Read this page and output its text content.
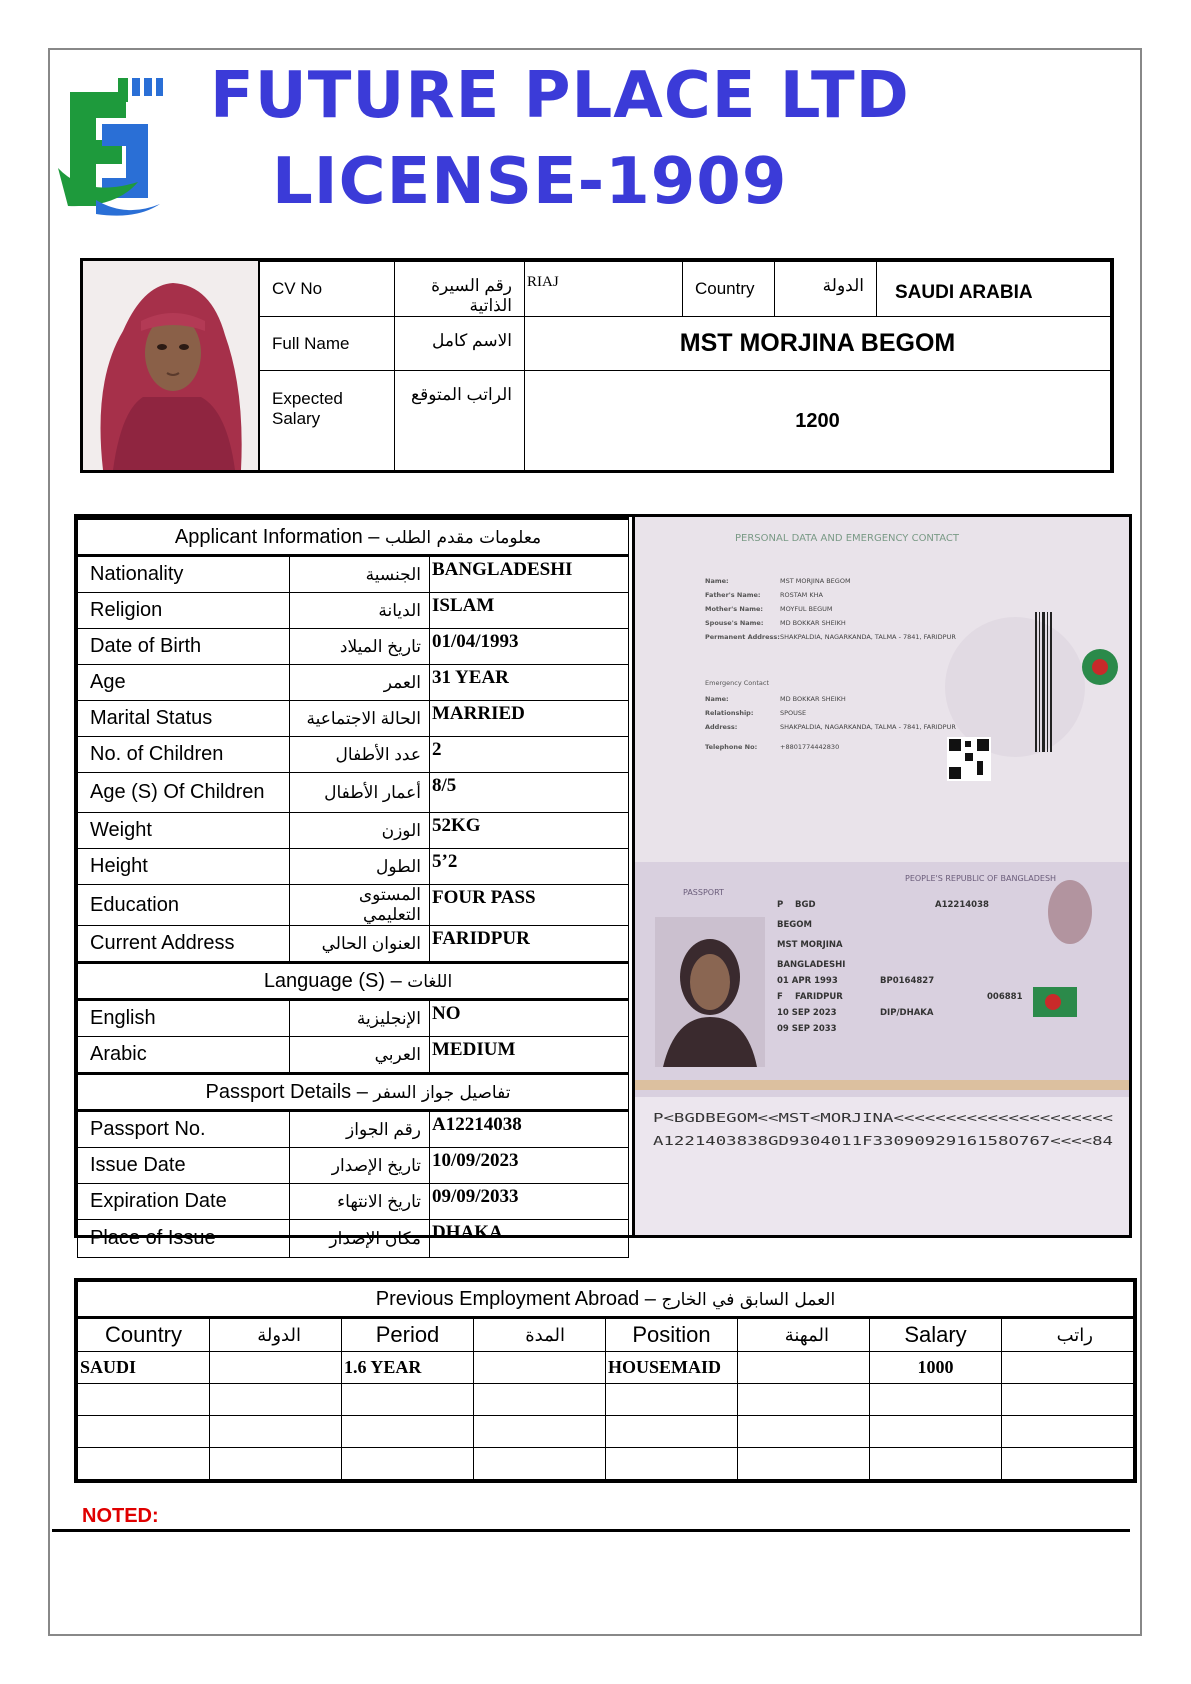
FUTURE PLACE LTD
LICENSE-1909
CV No	رقم السيرة الذاتية	RIAJ	Country	الدولة	SAUDI ARABIA
Full Name	الاسم كامل	MST MORJINA BEGOM			
Expected Salary	الراتب المتوقع	1200			
Applicant Information – معلومات مقدم الطلب		
Nationality	الجنسية	BANGLADESHI
Religion	الديانة	ISLAM
Date of Birth	تاريخ الميلاد	01/04/1993
Age	العمر	31 YEAR
Marital Status	الحالة الاجتماعية	MARRIED
No. of Children	عدد الأطفال	2
Age (S) Of Children	أعمار الأطفال	8/5
Weight	الوزن	52KG
Height	الطول	5’2
Education	المستوى التعليمي	FOUR PASS
Current Address	العنوان الحالي	FARIDPUR
Language (S) – اللغات		
English	الإنجليزية	NO
Arabic	العربي	MEDIUM
Passport Details – تفاصيل جواز السفر		
Passport No.	رقم الجواز	A12214038
Issue Date	تاريخ الإصدار	10/09/2023
Expiration Date	تاريخ الانتهاء	09/09/2033
Place of Issue	مكان الإصدار	DHAKA
PERSONAL DATA AND EMERGENCY CONTACT
Name:	MST MORJINA BEGOM
Father's Name:	ROSTAM KHA
Mother's Name:	MOYFUL BEGUM
Spouse's Name:	MD BOKKAR SHEIKH
Permanent Address: SHAKPALDIA, NAGARKANDA, TALMA - 7841, FARIDPUR
Emergency Contact
Name:	MD BOKKAR SHEIKH
Relationship:	SPOUSE
Address:	SHAKPALDIA, NAGARKANDA, TALMA - 7841, FARIDPUR
Telephone No:	+8801774442830
PEOPLE'S REPUBLIC OF BANGLADESH
PASSPORT
P BGD	A12214038
BEGOM
MST MORJINA
BANGLADESHI
01 APR 1993
F FARIDPUR
10 SEP 2023
09 SEP 2033
DIP/DHAKA
BP0164827
006881
P<BGDBEGOM<<MST<MORJINA<<<<<<<<<<<<<<<<<<<<<
A1221403838GD9304011F3309092916158O767<<<<84
Previous Employment Abroad – العمل السابق في الخارج							
Country	الدولة	Period	المدة	Position	المهنة	Salary	راتب
SAUDI		1.6 YEAR		HOUSEMAID		1000	

NOTED:
